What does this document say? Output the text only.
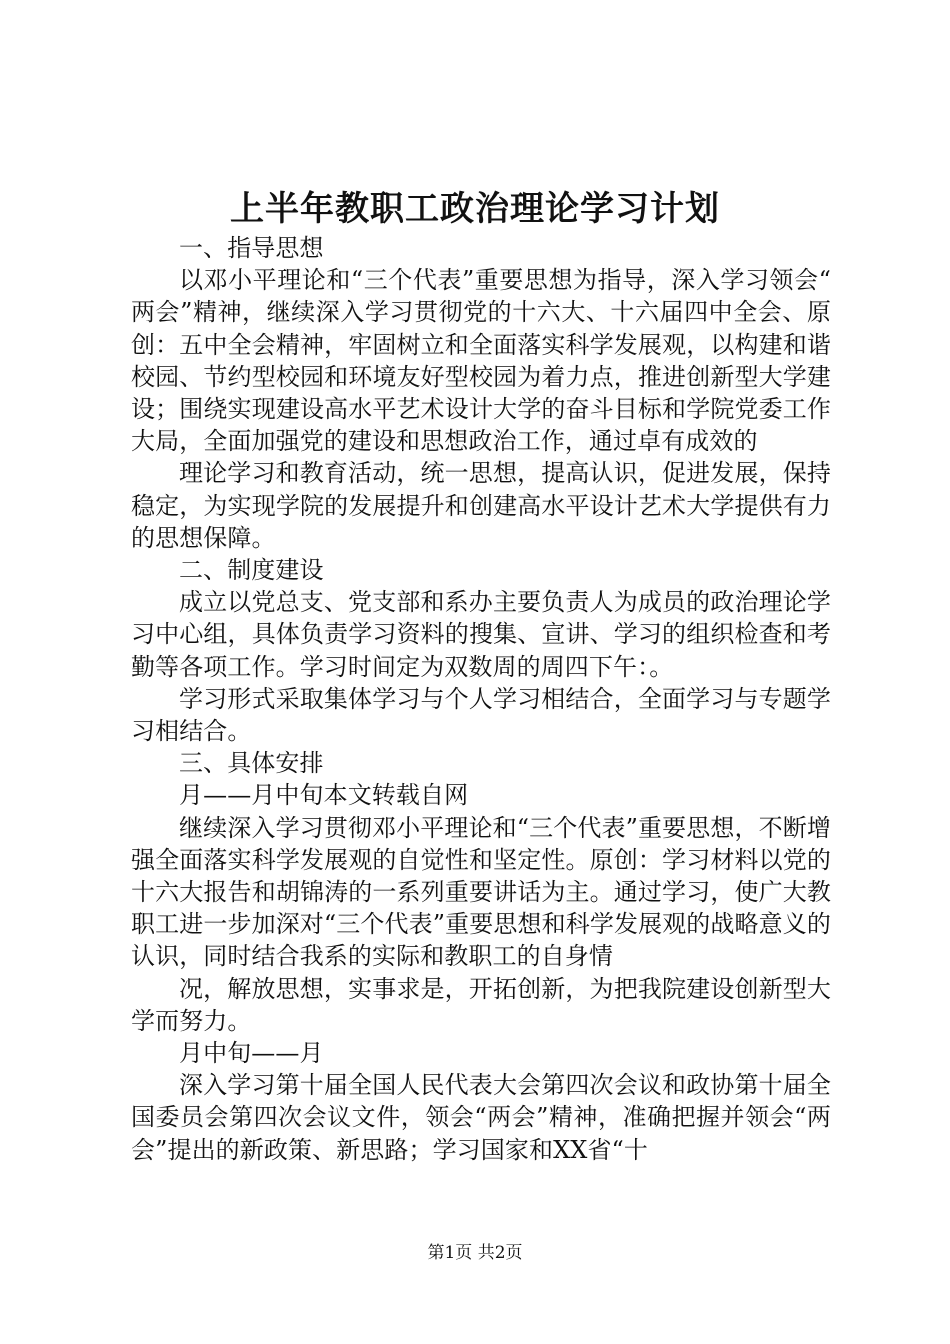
上半年教职工政治理论学习计划

一、指导思想

以邓小平理论和“三个代表”重要思想为指导，深入学习领会“两会”精神，继续深入学习贯彻党的十六大、十六届四中全会、原创：五中全会精神，牢固树立和全面落实科学发展观，以构建和谐校园、节约型校园和环境友好型校园为着力点，推进创新型大学建设；围绕实现建设高水平艺术设计大学的奋斗目标和学院党委工作大局，全面加强党的建设和思想政治工作，通过卓有成效的

理论学习和教育活动，统一思想，提高认识，促进发展，保持稳定，为实现学院的发展提升和创建高水平设计艺术大学提供有力的思想保障。

二、制度建设

成立以党总支、党支部和系办主要负责人为成员的政治理论学习中心组，具体负责学习资料的搜集、宣讲、学习的组织检查和考勤等各项工作。学习时间定为双数周的周四下午：。

学习形式采取集体学习与个人学习相结合，全面学习与专题学习相结合。

三、具体安排

月——月中旬本文转载自网

继续深入学习贯彻邓小平理论和“三个代表”重要思想，不断增强全面落实科学发展观的自觉性和坚定性。原创：学习材料以党的十六大报告和胡锦涛的一系列重要讲话为主。通过学习，使广大教职工进一步加深对“三个代表”重要思想和科学发展观的战略意义的认识，同时结合我系的实际和教职工的自身情

况，解放思想，实事求是，开拓创新，为把我院建设创新型大学而努力。

月中旬——月

深入学习第十届全国人民代表大会第四次会议和政协第十届全国委员会第四次会议文件，领会“两会”精神，准确把握并领会“两会”提出的新政策、新思路；学习国家和XX省“十

第1页 共2页
